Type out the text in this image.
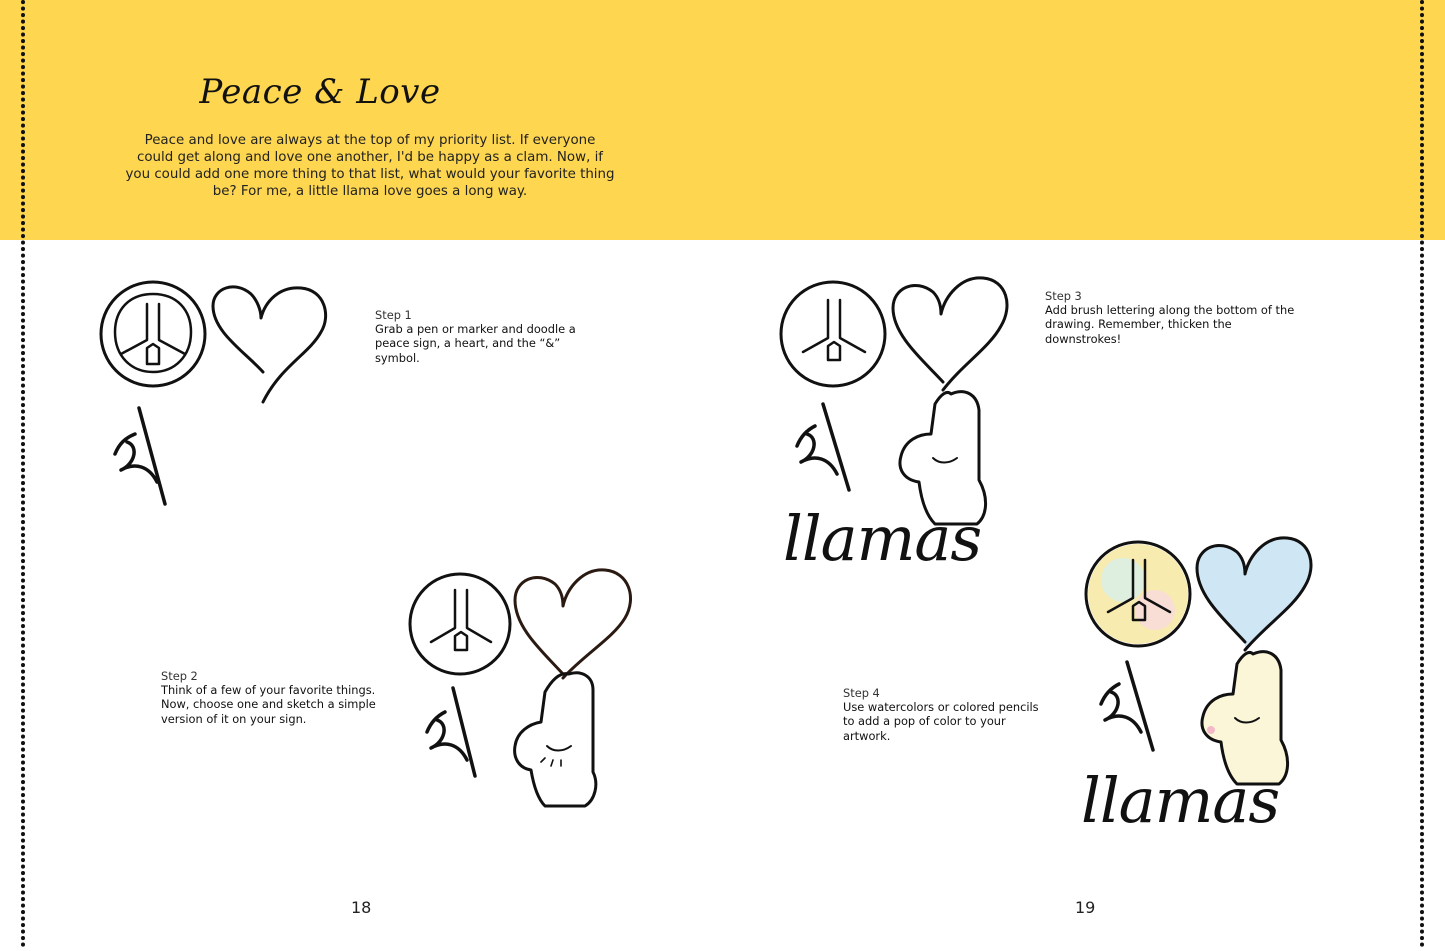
Peace & Love
Peace and love are always at the top of my priority list. If everyone could get along and love one another, I'd be happy as a clam. Now, if you could add one more thing to that list, what would your favorite thing be? For me, a little llama love goes a long way.
llamas
llamas
Step 1
Grab a pen or marker and doodle a peace sign, a heart, and the “&” symbol.
Step 2
Think of a few of your favorite things. Now, choose one and sketch a simple version of it on your sign.
Step 3
Add brush lettering along the bottom of the drawing. Remember, thicken the downstrokes!
Step 4
Use watercolors or colored pencils to add a pop of color to your artwork.
18	19
